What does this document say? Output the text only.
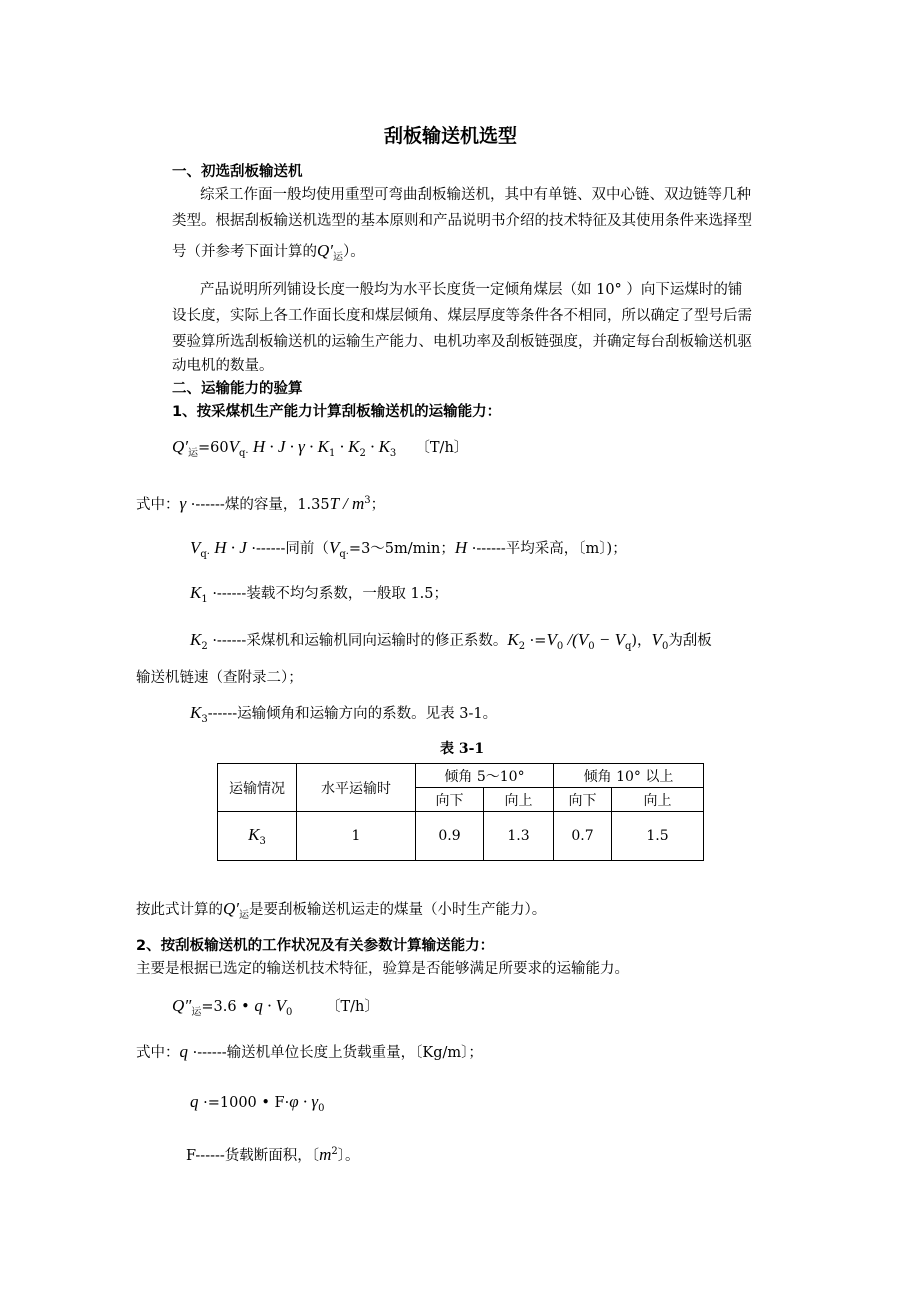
刮板输送机选型
一、初选刮板输送机
综采工作面一般均使用重型可弯曲刮板输送机，其中有单链、双中心链、双边链等几种
类型。根据刮板输送机选型的基本原则和产品说明书介绍的技术特征及其使用条件来选择型
号（并参考下面计算的$Q'_运$）。
产品说明所列铺设长度一般均为水平长度货一定倾角煤层（如 10° ）向下运煤时的铺
设长度，实际上各工作面长度和煤层倾角、煤层厚度等条件各不相同，所以确定了型号后需
要验算所选刮板输送机的运输生产能力、电机功率及刮板链强度，并确定每台刮板输送机驱
动电机的数量。
二、运输能力的验算
1、按采煤机生产能力计算刮板输送机的运输能力：
$Q'_运=60V_{q\cdot}$ $H \cdot J \cdot \gamma \cdot K_1 \cdot K_2 \cdot K_3$　 〔T/h〕
式中：γ ·------煤的容量，$1.35T / m^3$；
$V_{q\cdot}$ H · J ·------同前（$V_{q\cdot}=3\sim 5m/\min$；H ·------平均采高，〔m〕)；
$K_1$ ·------装载不均匀系数，一般取 1.5；
$K_2$ ·------采煤机和运输机同向运输时的修正系数。$K_2 \cdot=V_0$ $/(V_0 - V_q)$，$V_0$为刮板
输送机链速（查附录二）；
$K_3------$运输倾角和运输方向的系数。见表 3-1。
表 3-1
运输情况	水平运输时	倾角 5～10°		倾角 10° 以上	
		向下	向上	向下	向上
$K_3$	1	0.9	1.3	0.7	1.5
按此式计算的$Q'_运$是要刮板输送机运走的煤量（小时生产能力）。
2、按刮板输送机的工作状况及有关参数计算输送能力：
主要是根据已选定的输送机技术特征，验算是否能够满足所要求的运输能力。
$Q''_运=3.6$ • $q \cdot V_0$　　 〔T/h〕
式中：q ·------输送机单位长度上货载重量，〔Kg/m〕；
q ·=1000 • $F\cdot\varphi \cdot \gamma_0$
F------货载断面积，〔$m^2$〕。
